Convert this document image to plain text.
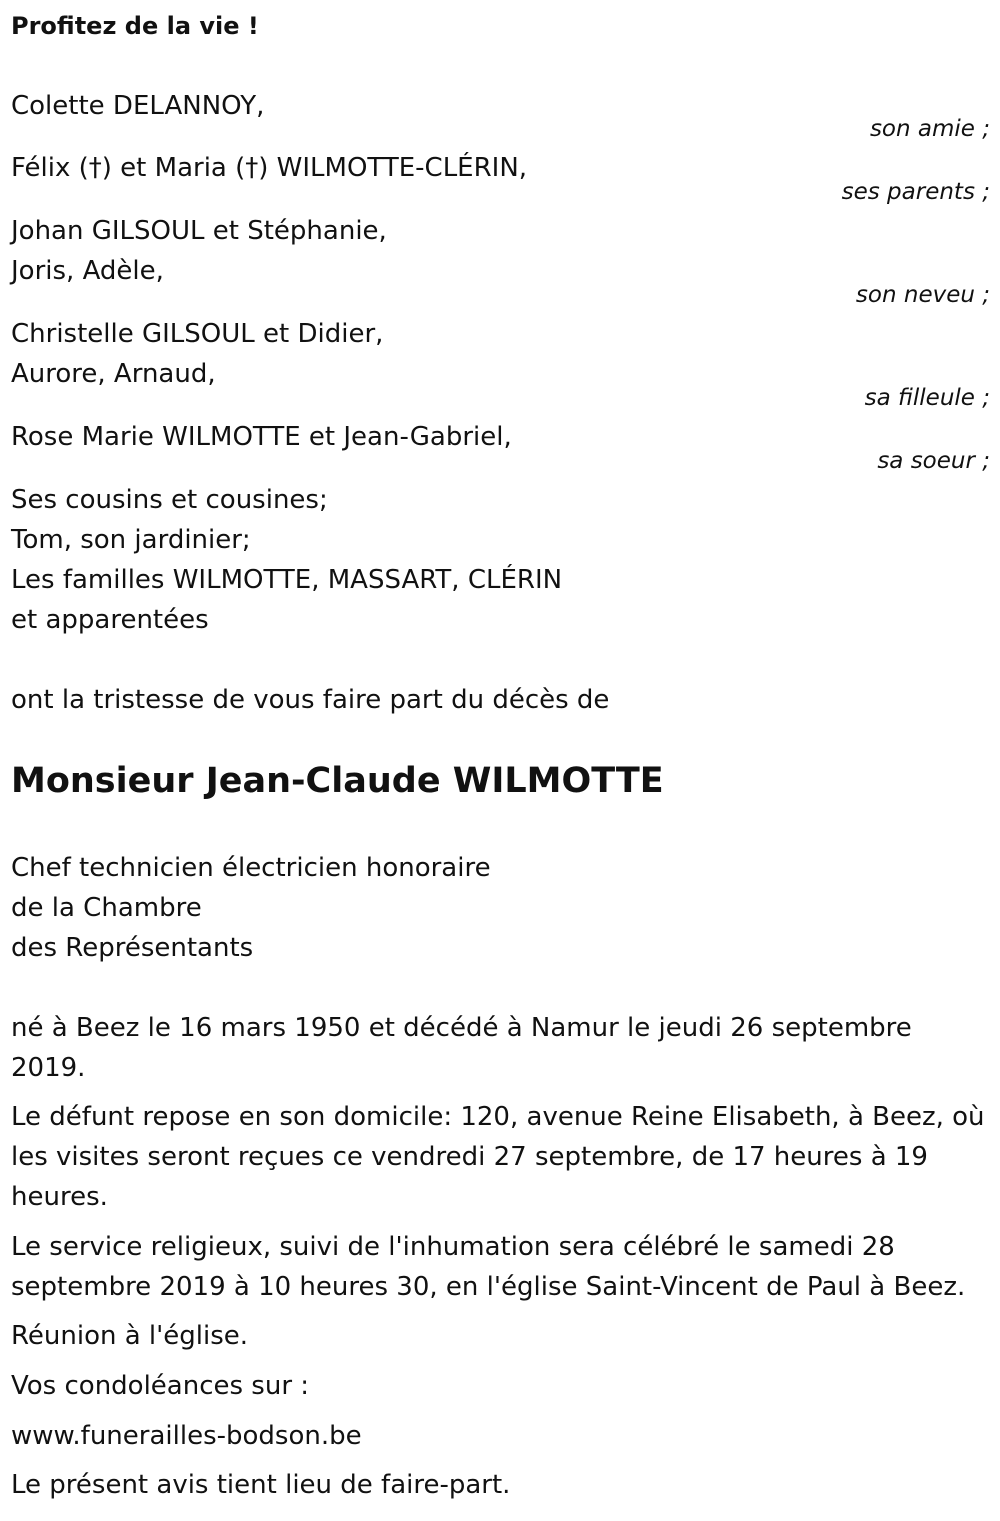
Profitez de la vie !
Colette DELANNOY,
son amie ;
Félix (†) et Maria (†) WILMOTTE-CLÉRIN,
ses parents ;
Johan GILSOUL et Stéphanie,
Joris, Adèle,
son neveu ;
Christelle GILSOUL et Didier,
Aurore, Arnaud,
sa filleule ;
Rose Marie WILMOTTE et Jean-Gabriel,
sa soeur ;
Ses cousins et cousines;
Tom, son jardinier;
Les familles WILMOTTE, MASSART, CLÉRIN
et apparentées
ont la tristesse de vous faire part du décès de
Monsieur Jean-Claude WILMOTTE
Chef technicien électricien honoraire
de la Chambre
des Représentants
né à Beez le 16 mars 1950 et décédé à Namur le jeudi 26 septembre
2019.
Le défunt repose en son domicile: 120, avenue Reine Elisabeth, à Beez, où
les visites seront reçues ce vendredi 27 septembre, de 17 heures à 19
heures.
Le service religieux, suivi de l'inhumation sera célébré le samedi 28
septembre 2019 à 10 heures 30, en l'église Saint-Vincent de Paul à Beez.
Réunion à l'église.
Vos condoléances sur :
www.funerailles-bodson.be
Le présent avis tient lieu de faire-part.
